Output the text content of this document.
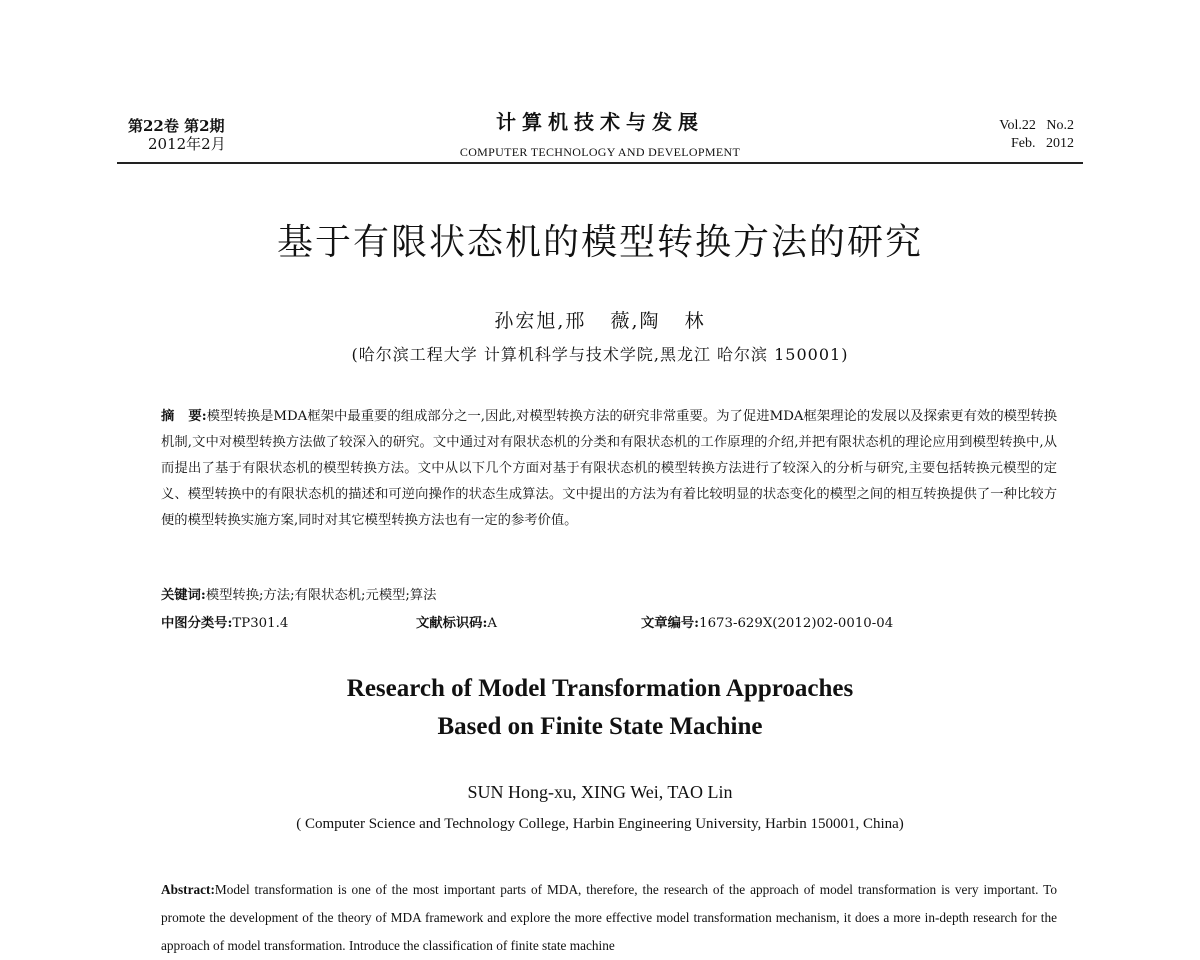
第22卷 第2期
2012年2月
计算机技术与发展
COMPUTER TECHNOLOGY AND DEVELOPMENT
Vol.22   No.2
Feb.   2012
基于有限状态机的模型转换方法的研究
孙宏旭,邢   薇,陶   林
(哈尔滨工程大学 计算机科学与技术学院,黑龙江 哈尔滨 150001)
摘   要:模型转换是MDA框架中最重要的组成部分之一,因此,对模型转换方法的研究非常重要。为了促进MDA框架理论的发展以及探索更有效的模型转换机制,文中对模型转换方法做了较深入的研究。文中通过对有限状态机的分类和有限状态机的工作原理的介绍,并把有限状态机的理论应用到模型转换中,从而提出了基于有限状态机的模型转换方法。文中从以下几个方面对基于有限状态机的模型转换方法进行了较深入的分析与研究,主要包括转换元模型的定义、模型转换中的有限状态机的描述和可逆向操作的状态生成算法。文中提出的方法为有着比较明显的状态变化的模型之间的相互转换提供了一种比较方便的模型转换实施方案,同时对其它模型转换方法也有一定的参考价值。
关键词:模型转换;方法;有限状态机;元模型;算法
中图分类号:TP301.4	文献标识码:A	文章编号:1673-629X(2012)02-0010-04
Research of Model Transformation Approaches
Based on Finite State Machine
SUN Hong-xu, XING Wei, TAO Lin
( Computer Science and Technology College, Harbin Engineering University, Harbin 150001, China)
Abstract:Model transformation is one of the most important parts of MDA, therefore, the research of the approach of model transformation is very important. To promote the development of the theory of MDA framework and explore the more effective model transformation mechanism, it does a more in-depth research for the approach of model transformation. Introduce the classification of finite state machine
